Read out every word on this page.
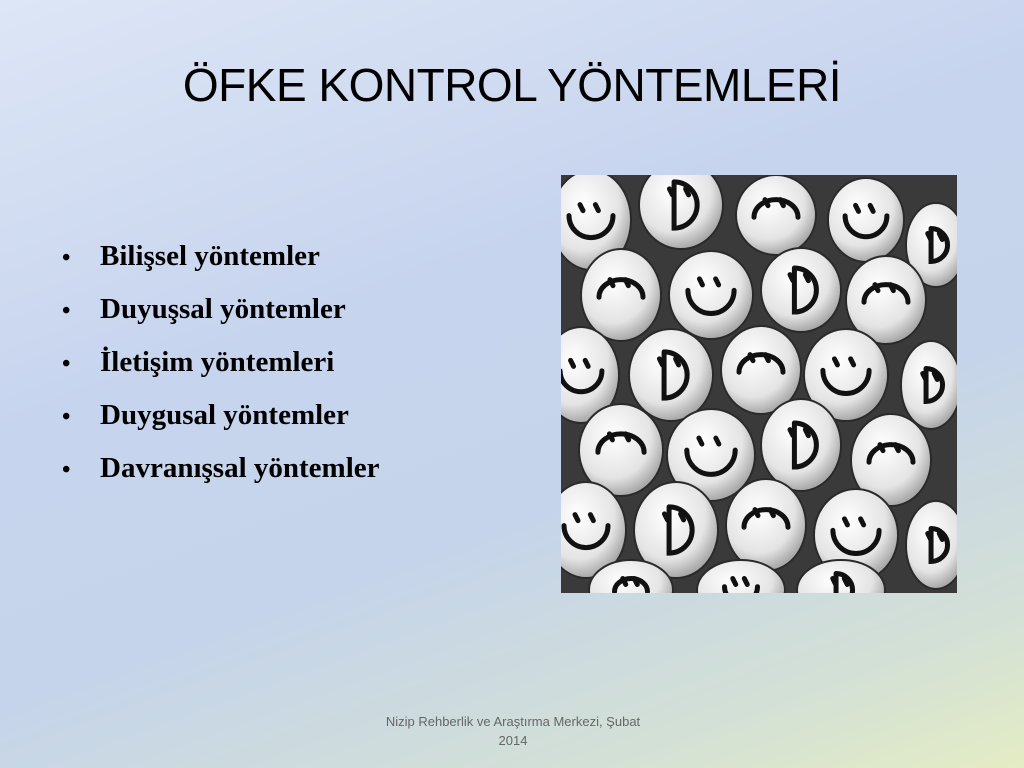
ÖFKE KONTROL YÖNTEMLERİ
•	Bilişsel yöntemler
•	Duyuşsal yöntemler
•	İletişim yöntemleri
•	Duygusal yöntemler
•	Davranışsal yöntemler
Nizip Rehberlik ve Araştırma Merkezi, Şubat
2014
